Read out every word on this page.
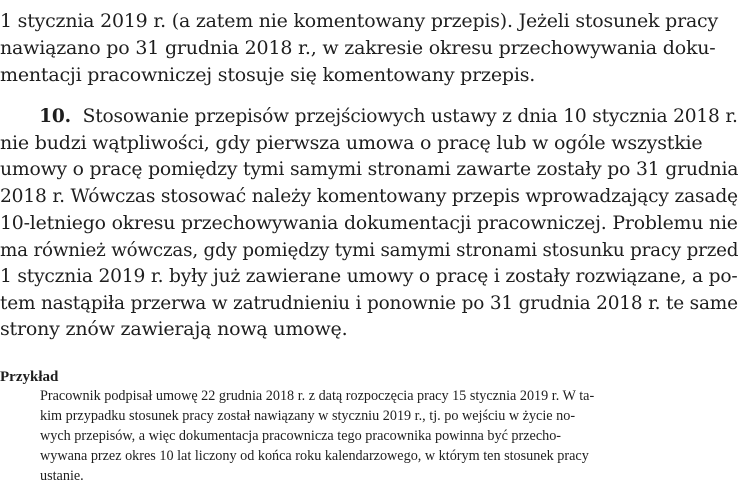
1 stycznia 2019 r. (a zatem nie komentowany przepis). Jeżeli stosunek pracy
nawiązano po 31 grudnia 2018 r., w zakresie okresu przechowywania doku-
mentacji pracowniczej stosuje się komentowany przepis.
10. Stosowanie przepisów przejściowych ustawy z dnia 10 stycznia 2018 r.
nie budzi wątpliwości, gdy pierwsza umowa o pracę lub w ogóle wszystkie
umowy o pracę pomiędzy tymi samymi stronami zawarte zostały po 31 grudnia
2018 r. Wówczas stosować należy komentowany przepis wprowadzający zasadę
10-letniego okresu przechowywania dokumentacji pracowniczej. Problemu nie
ma również wówczas, gdy pomiędzy tymi samymi stronami stosunku pracy przed
1 stycznia 2019 r. były już zawierane umowy o pracę i zostały rozwiązane, a po-
tem nastąpiła przerwa w zatrudnieniu i ponownie po 31 grudnia 2018 r. te same
strony znów zawierają nową umowę.
Przykład
Pracownik podpisał umowę 22 grudnia 2018 r. z datą rozpoczęcia pracy 15 stycznia 2019 r. W ta-
kim przypadku stosunek pracy został nawiązany w styczniu 2019 r., tj. po wejściu w życie no-
wych przepisów, a więc dokumentacja pracownicza tego pracownika powinna być przecho-
wywana przez okres 10 lat liczony od końca roku kalendarzowego, w którym ten stosunek pracy
ustanie.
